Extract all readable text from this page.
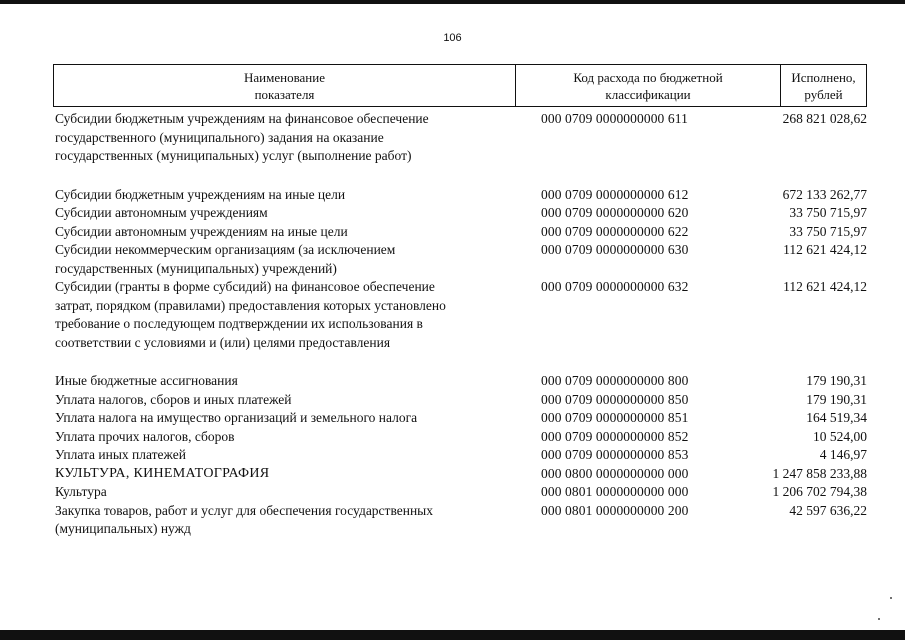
106
Наименование
показателя
Код расхода по бюджетной
классификации
Исполнено, рублей
Субсидии бюджетным учреждениям на финансовое обеспечение
государственного (муниципального) задания на оказание
государственных (муниципальных) услуг (выполнение работ)
000 0709 0000000000 611	268 821 028,62
Субсидии бюджетным учреждениям на иные цели	000 0709 0000000000 612	672 133 262,77
Субсидии автономным учреждениям	000 0709 0000000000 620	33 750 715,97
Субсидии автономным учреждениям на иные цели	000 0709 0000000000 622	33 750 715,97
Субсидии некоммерческим организациям (за исключением
государственных (муниципальных) учреждений)
000 0709 0000000000 630	112 621 424,12
Субсидии (гранты в форме субсидий) на финансовое обеспечение
затрат, порядком (правилами) предоставления которых установлено
требование о последующем подтверждении их использования в
соответствии с условиями и (или) целями предоставления
000 0709 0000000000 632	112 621 424,12
Иные бюджетные ассигнования	000 0709 0000000000 800	179 190,31
Уплата налогов, сборов и иных платежей	000 0709 0000000000 850	179 190,31
Уплата налога на имущество организаций и земельного налога	000 0709 0000000000 851	164 519,34
Уплата прочих налогов, сборов	000 0709 0000000000 852	10 524,00
Уплата иных платежей	000 0709 0000000000 853	4 146,97
КУЛЬТУРА, КИНЕМАТОГРАФИЯ	000 0800 0000000000 000	1 247 858 233,88
Культура	000 0801 0000000000 000	1 206 702 794,38
Закупка товаров, работ и услуг для обеспечения государственных
(муниципальных) нужд
000 0801 0000000000 200	42 597 636,22
